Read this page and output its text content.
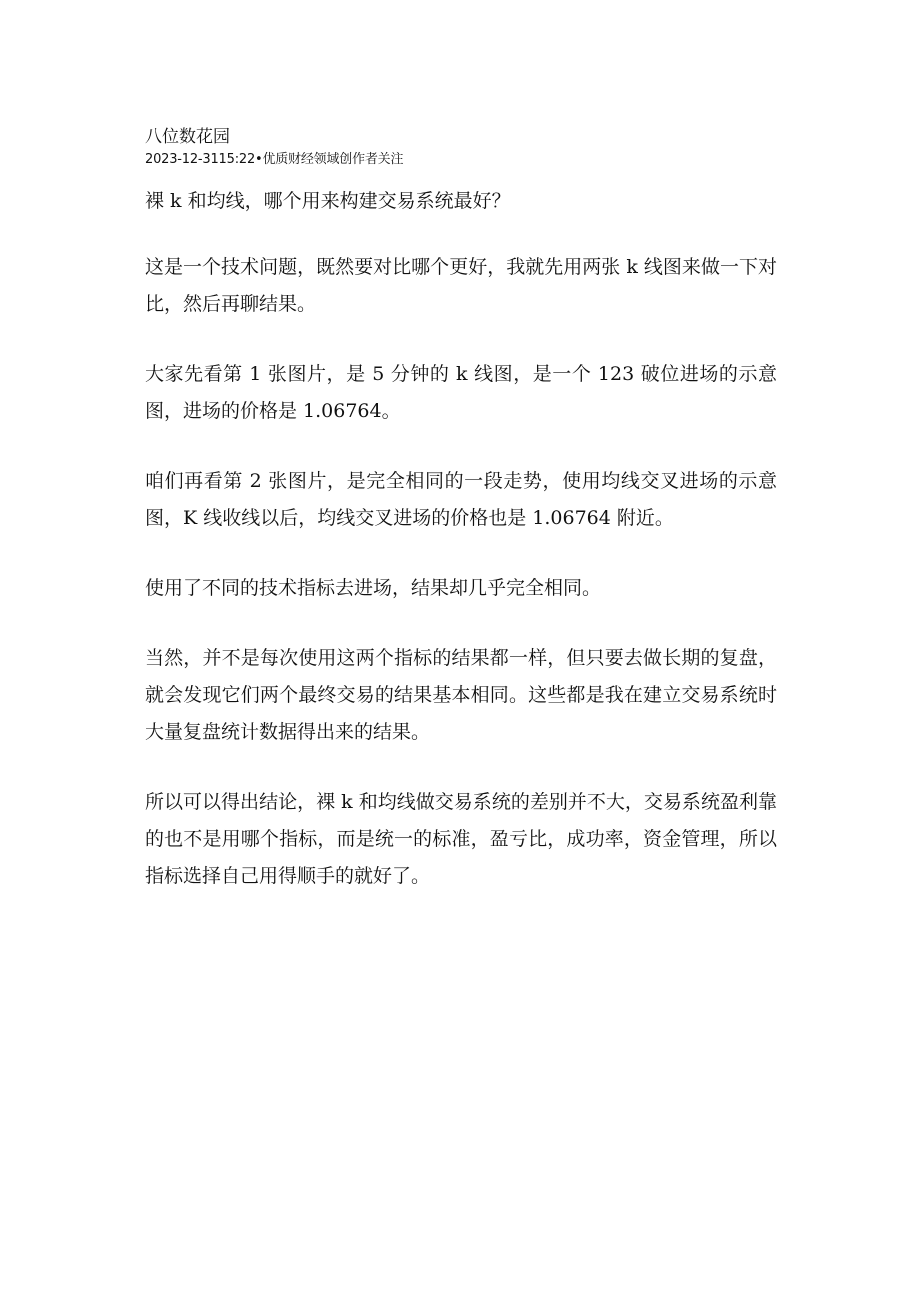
八位数花园

2023-12-3115:22•优质财经领域创作者关注

裸 k 和均线，哪个用来构建交易系统最好？

这是一个技术问题，既然要对比哪个更好，我就先用两张 k 线图来做一下对比，然后再聊结果。

大家先看第 1 张图片，是 5 分钟的 k 线图，是一个 123 破位进场的示意图，进场的价格是 1.06764。

咱们再看第 2 张图片，是完全相同的一段走势，使用均线交叉进场的示意图，K 线收线以后，均线交叉进场的价格也是 1.06764 附近。

使用了不同的技术指标去进场，结果却几乎完全相同。

当然，并不是每次使用这两个指标的结果都一样，但只要去做长期的复盘，就会发现它们两个最终交易的结果基本相同。这些都是我在建立交易系统时大量复盘统计数据得出来的结果。

所以可以得出结论，裸 k 和均线做交易系统的差别并不大，交易系统盈利靠的也不是用哪个指标，而是统一的标准，盈亏比，成功率，资金管理，所以指标选择自己用得顺手的就好了。
